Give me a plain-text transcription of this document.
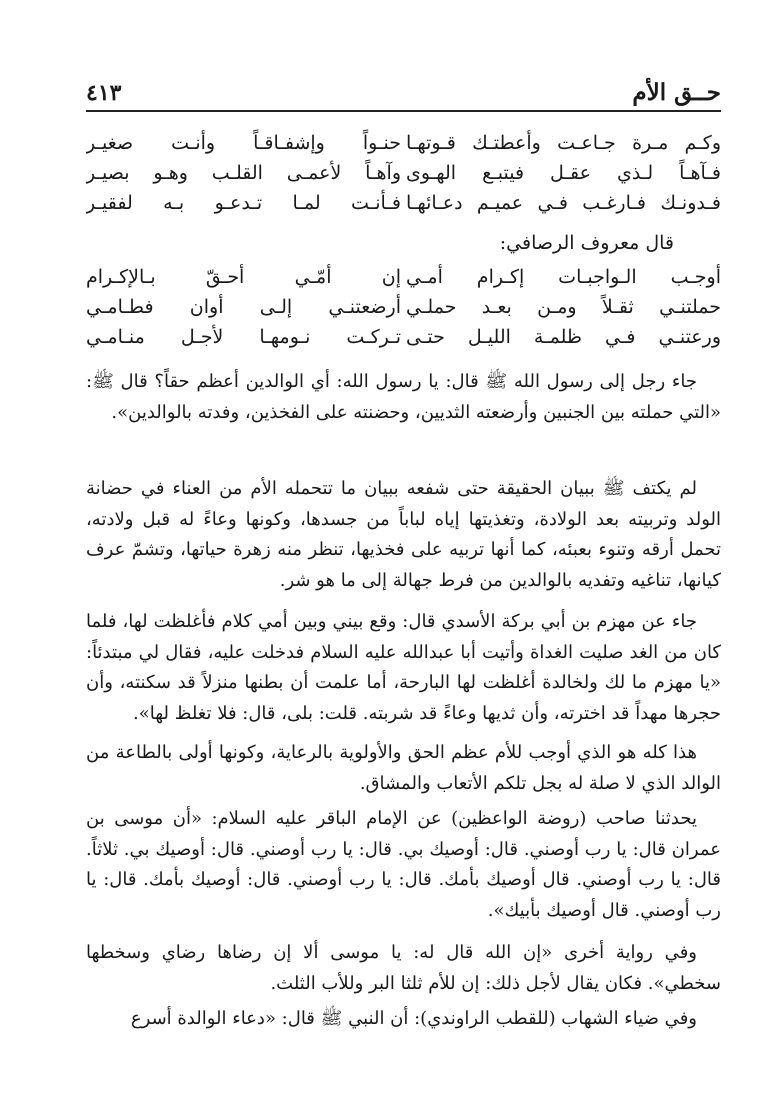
حــق الأم
٤١٣
وكـم مـرة جـاعـت وأعطتـك قـوتهـا
حنـواً وإشفـاقـاً وأنـت صغيـر
فـآهـاً لـذي عقـل فيتبـع الهـوى
وآهـاً لأعمـى القلـب وهـو بصيـر
فـدونـك فـارغـب فـي عميـم دعـائهـا
فـأنـت لمـا تـدعـو بـه لفقيـر
قال معروف الرصافي:
أوجـب الـواجبـات إكـرام أمـي
إن أمّـي أحـقّ بـالإكـرام
حملتنـي ثقـلاً ومـن بعـد حملـي
أرضعتنـي إلـى أوان فطـامـي
ورعتنـي فـي ظلمـة الليـل حتـى
تـركـت نـومهـا لأجـل منـامـي

جاء رجل إلى رسول الله ﷺ قال: يا رسول الله: أي الوالدين أعظم حقاً؟ قال ﷺ: «التي حملته بين الجنبين وأرضعته الثديين، وحضنته على الفخذين، وفدته بالوالدين».

لم يكتف ﷺ ببيان الحقيقة حتى شفعه ببيان ما تتحمله الأم من العناء في حضانة الولد وتربيته بعد الولادة، وتغذيتها إياه لباباً من جسدها، وكونها وعاءً له قبل ولادته، تحمل أرقه وتنوء بعبئه، كما أنها تربيه على فخذيها، تنظر منه زهرة حياتها، وتشمّ عرف كيانها، تناغيه وتفديه بالوالدين من فرط جهالة إلى ما هو شر.

جاء عن مهزم بن أبي بركة الأسدي قال: وقع بيني وبين أمي كلام فأغلظت لها، فلما كان من الغد صليت الغداة وأتيت أبا عبدالله عليه السلام فدخلت عليه، فقال لي مبتدئاً: «يا مهزم ما لك ولخالدة أغلظت لها البارحة، أما علمت أن بطنها منزلاً قد سكنته، وأن حجرها مهداً قد اخترته، وأن ثديها وعاءً قد شربته. قلت: بلى، قال: فلا تغلظ لها».

هذا كله هو الذي أوجب للأم عظم الحق والأولوية بالرعاية، وكونها أولى بالطاعة من الوالد الذي لا صلة له بجل تلكم الأتعاب والمشاق.

يحدثنا صاحب (روضة الواعظين) عن الإمام الباقر عليه السلام: «أن موسى بن عمران قال: يا رب أوصني. قال: أوصيك بي. قال: يا رب أوصني. قال: أوصيك بي. ثلاثاً. قال: يا رب أوصني. قال أوصيك بأمك. قال: يا رب أوصني. قال: أوصيك بأمك. قال: يا رب أوصني. قال أوصيك بأبيك».

وفي رواية أخرى «إن الله قال له: يا موسى ألا إن رضاها رضاي وسخطها سخطي». فكان يقال لأجل ذلك: إن للأم ثلثا البر وللأب الثلث.

وفي ضياء الشهاب (للقطب الراوندي): أن النبي ﷺ قال: «دعاء الوالدة أسرع
